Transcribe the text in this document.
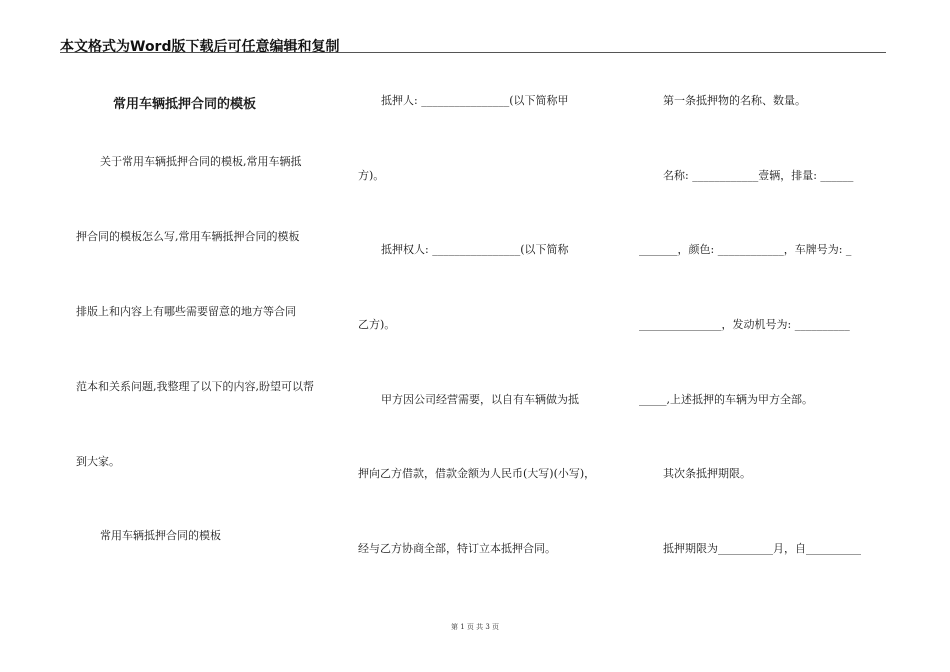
本文格式为Word版下载后可任意编辑和复制
常用车辆抵押合同的模板
关于常用车辆抵押合同的模板,常用车辆抵
押合同的模板怎么写,常用车辆抵押合同的模板
排版上和内容上有哪些需要留意的地方等合同
范本和关系问题,我整理了以下的内容,盼望可以帮
到大家。
常用车辆抵押合同的模板
抵押人: ________________(以下简称甲
方)。
抵押权人: ________________(以下简称
乙方)。
甲方因公司经营需要，以自有车辆做为抵
押向乙方借款，借款金额为人民币(大写)(小写)，
经与乙方协商全部，特订立本抵押合同。
第一条抵押物的名称、数量。
名称: ____________壹辆，排量: ______
_______，颜色: ____________，车牌号为: _
_______________，发动机号为: __________
_____,上述抵押的车辆为甲方全部。
其次条抵押期限。
抵押期限为__________月，自__________
第 1 页 共 3 页
